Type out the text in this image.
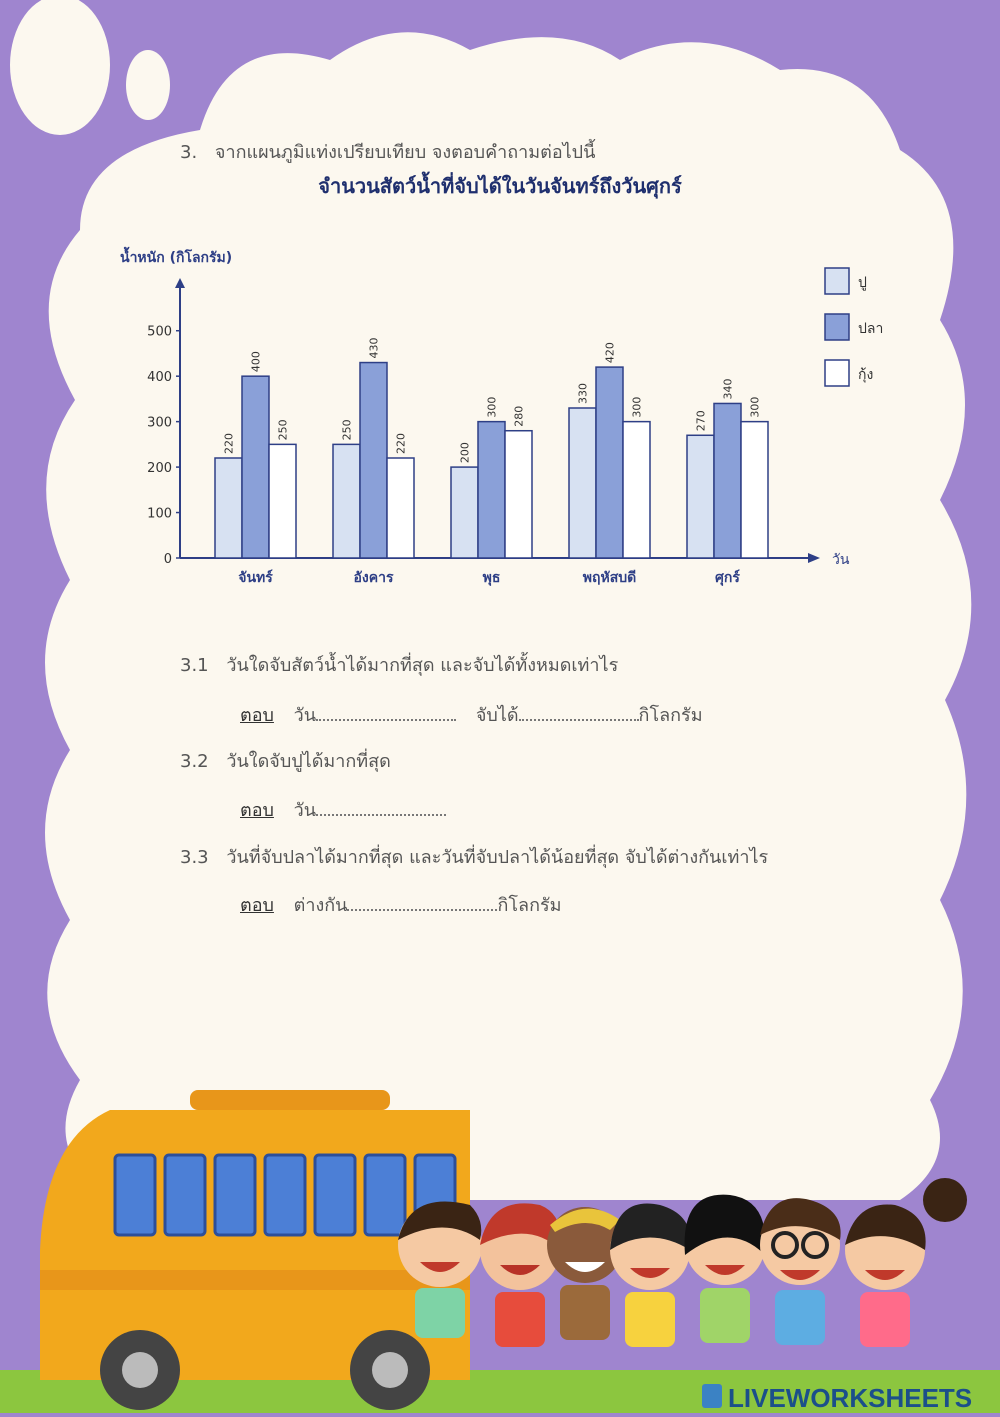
3. จากแผนภูมิแท่งเปรียบเทียบ จงตอบคำถามต่อไปนี้
จำนวนสัตว์น้ำที่จับได้ในวันจันทร์ถึงวันศุกร์
น้ำหนัก (กิโลกรัม)
วัน
0
100
200
300
400
500
220
400
250
จันทร์
250
430
220
อังคาร
200
300 280
พุธ
330
420
300
พฤหัสบดี
270
340
300
ศุกร์
ปู
ปลา
กุ้ง
3.1 วันใดจับสัตว์น้ำได้มากที่สุด และจับได้ทั้งหมดเท่าไร
ตอบ วัน	จับได้	กิโลกรัม
3.2 วันใดจับปูได้มากที่สุด
ตอบ วัน
3.3 วันที่จับปลาได้มากที่สุด และวันที่จับปลาได้น้อยที่สุด จับได้ต่างกันเท่าไร
ตอบ ต่างกัน	กิโลกรัม
LIVEWORKSHEETS
